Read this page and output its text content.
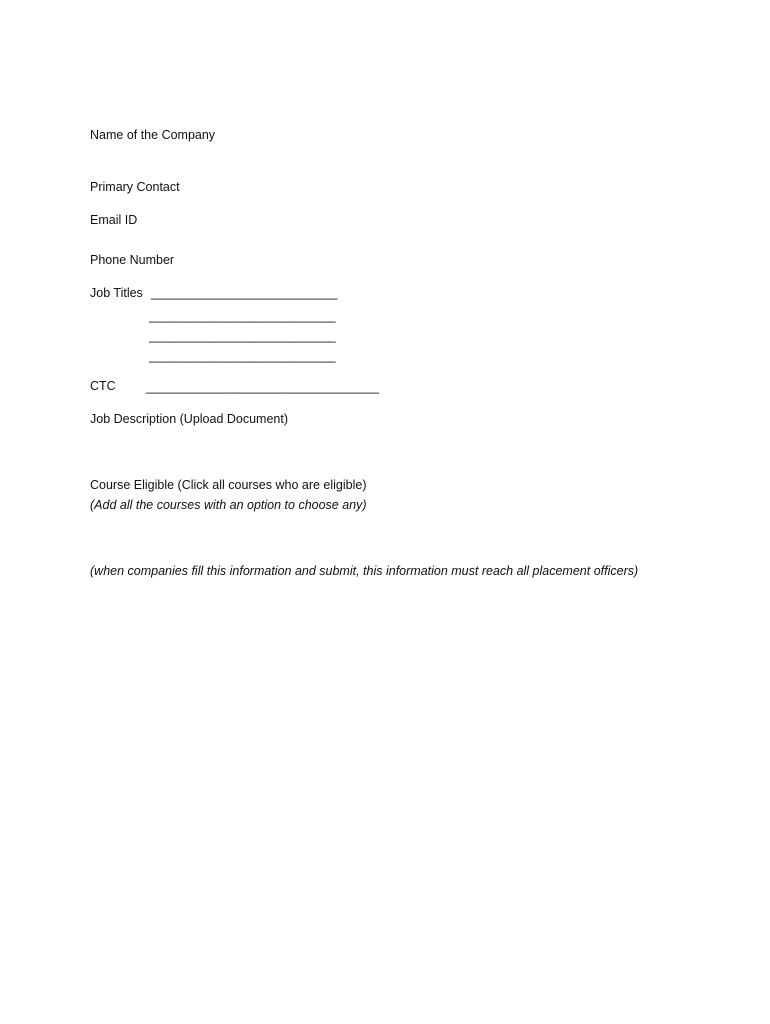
Name of the Company
Primary Contact
Email ID
Phone Number
Job Titles ____________________________
____________________________
____________________________
____________________________
CTC ___________________________________
Job Description (Upload Document)
Course Eligible (Click all courses who are eligible)
(Add all the courses with an option to choose any)
(when companies fill this information and submit, this information must reach all placement officers)
